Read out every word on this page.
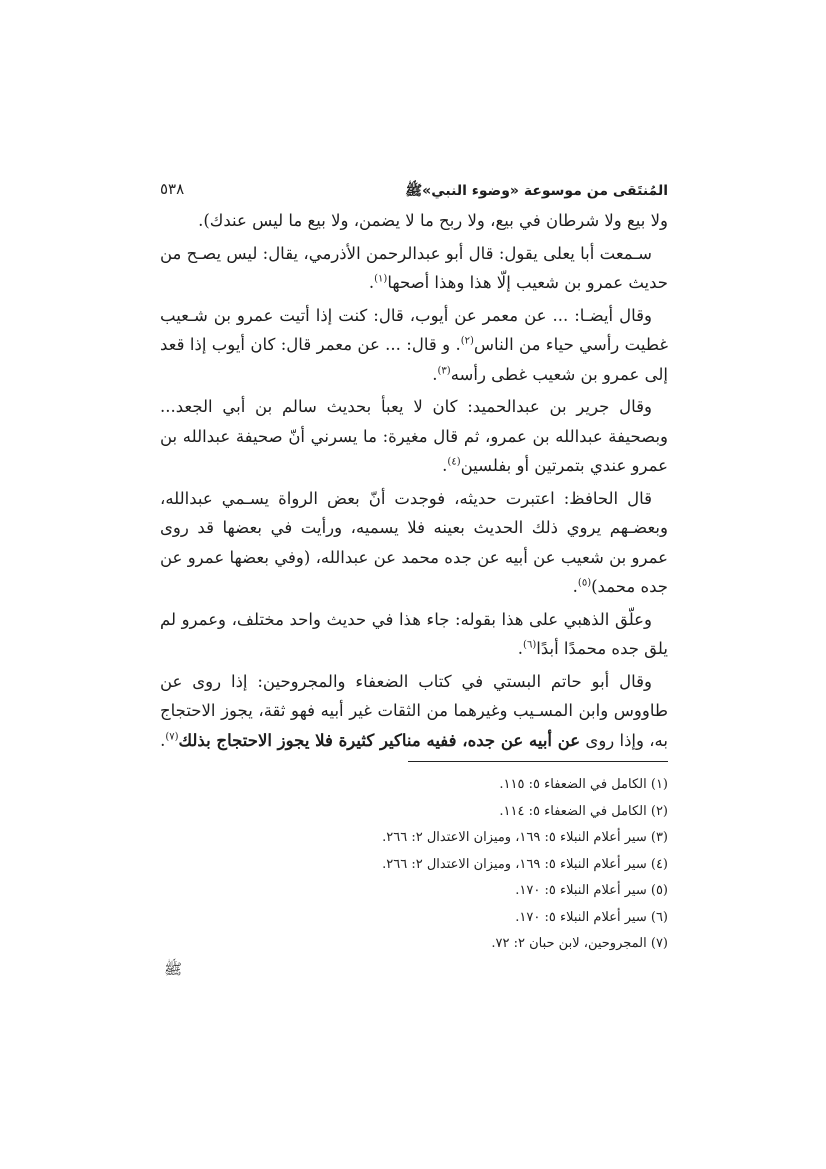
المُنتَقى من موسوعة «وضوء النبي»ﷺ
٥٣٨

ولا بيع ولا شرطان في بيع، ولا ربح ما لا يضمن، ولا بيع ما ليس عندك).

سـمعت أبا يعلى يقول: قال أبو عبدالرحمن الأذرمي، يقال: ليس يصـح من حديث عمرو بن شعيب إلّا هذا وهذا أصحها$^{(١)}$.

وقال أيضـا: ... عن معمر عن أيوب، قال: كنت إذا أتيت عمرو بن شـعيب غطيت رأسي حياء من الناس$^{(٢)}$. و قال: ... عن معمر قال: كان أيوب إذا قعد إلى عمرو بن شعيب غطى رأسه$^{(٣)}$.

وقال جرير بن عبدالحميد: كان لا يعبأ بحديث سالم بن أبي الجعد... وبصحيفة عبدالله بن عمرو، ثم قال مغيرة: ما يسرني أنّ صحيفة عبدالله بن عمرو عندي بتمرتين أو بفلسين$^{(٤)}$.

قال الحافظ: اعتبرت حديثه، فوجدت أنّ بعض الرواة يسـمي عبدالله، وبعضـهم يروي ذلك الحديث بعينه فلا يسميه، ورأيت في بعضها قد روى عمرو بن شعيب عن أبيه عن جده محمد عن عبدالله، (وفي بعضها عمرو عن جده محمد)$^{(٥)}$.

وعلّق الذهبي على هذا بقوله: جاء هذا في حديث واحد مختلف، وعمرو لم يلق جده محمدًا أبدًا$^{(٦)}$.

وقال أبو حاتم البستي في كتاب الضعفاء والمجروحين: إذا روى عن طاووس وابن المسـيب وغيرهما من الثقات غير أبيه فهو ثقة، يجوز الاحتجاج به، وإذا روى عن أبيه عن جده، ففيه مناكير كثيرة فلا يجوز الاحتجاج بذلك$^{(٧)}$.

(١) الكامل في الضعفاء ٥: ١١٥.
(٢) الكامل في الضعفاء ٥: ١١٤.
(٣) سير أعلام النبلاء ٥: ١٦٩، وميزان الاعتدال ٢: ٢٦٦.
(٤) سير أعلام النبلاء ٥: ١٦٩، وميزان الاعتدال ٢: ٢٦٦.
(٥) سير أعلام النبلاء ٥: ١٧٠.
(٦) سير أعلام النبلاء ٥: ١٧٠.
(٧) المجروحين، لابن حبان ٢: ٧٢.
ﷺ
